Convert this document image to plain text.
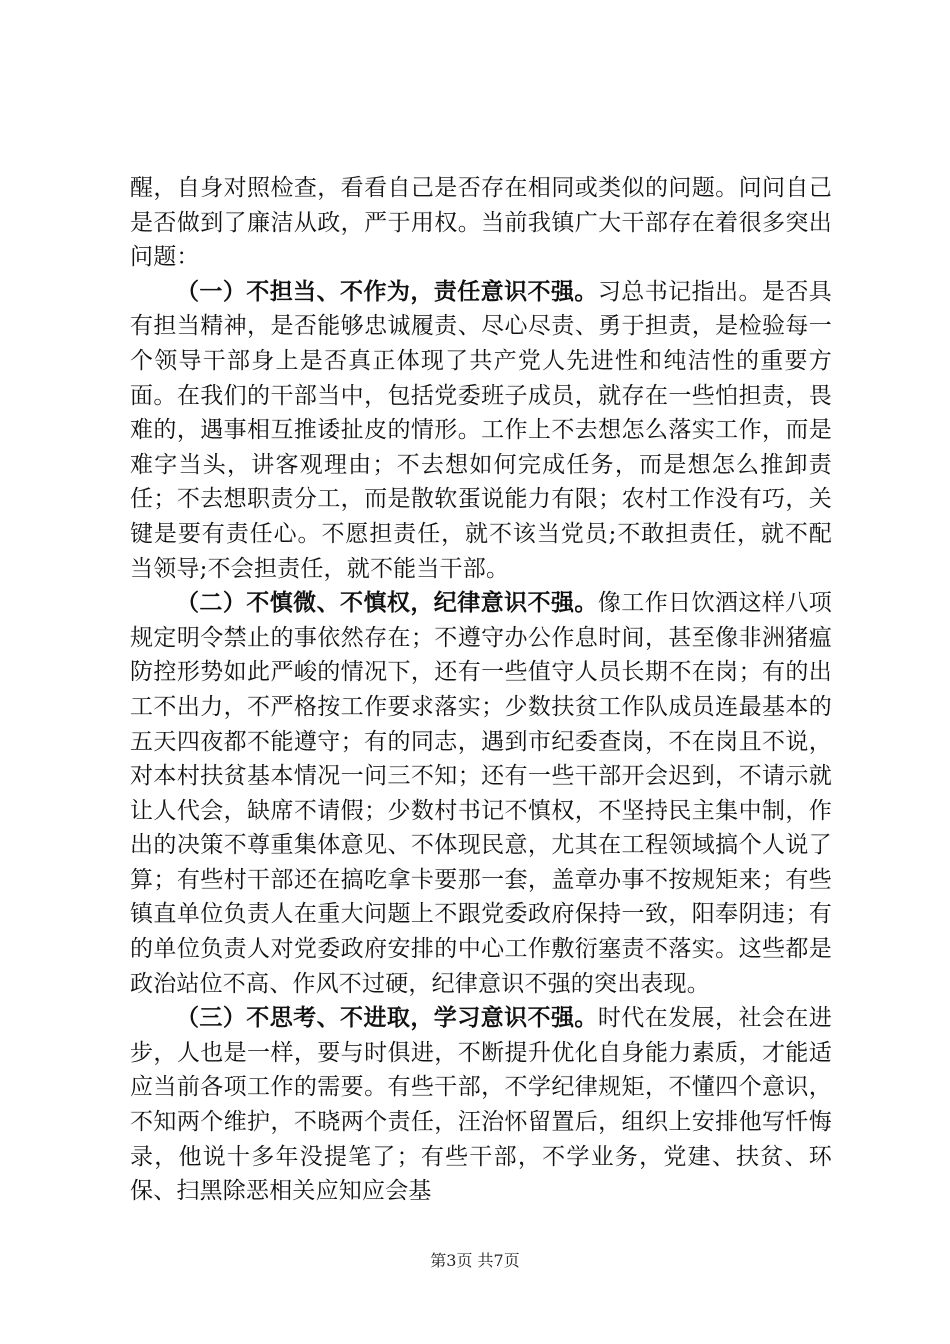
醒，自身对照检查，看看自己是否存在相同或类似的问题。问问自己是否做到了廉洁从政，严于用权。当前我镇广大干部存在着很多突出问题：

（一）不担当、不作为，责任意识不强。习总书记指出。是否具有担当精神，是否能够忠诚履责、尽心尽责、勇于担责，是检验每一个领导干部身上是否真正体现了共产党人先进性和纯洁性的重要方面。在我们的干部当中，包括党委班子成员，就存在一些怕担责，畏难的，遇事相互推诿扯皮的情形。工作上不去想怎么落实工作，而是难字当头，讲客观理由；不去想如何完成任务，而是想怎么推卸责任；不去想职责分工，而是散软蛋说能力有限；农村工作没有巧，关键是要有责任心。不愿担责任，就不该当党员;不敢担责任，就不配当领导;不会担责任，就不能当干部。

（二）不慎微、不慎权，纪律意识不强。像工作日饮酒这样八项规定明令禁止的事依然存在；不遵守办公作息时间，甚至像非洲猪瘟防控形势如此严峻的情况下，还有一些值守人员长期不在岗；有的出工不出力，不严格按工作要求落实；少数扶贫工作队成员连最基本的五天四夜都不能遵守；有的同志，遇到市纪委查岗，不在岗且不说，对本村扶贫基本情况一问三不知；还有一些干部开会迟到，不请示就让人代会，缺席不请假；少数村书记不慎权，不坚持民主集中制，作出的决策不尊重集体意见、不体现民意，尤其在工程领域搞个人说了算；有些村干部还在搞吃拿卡要那一套，盖章办事不按规矩来；有些镇直单位负责人在重大问题上不跟党委政府保持一致，阳奉阴违；有的单位负责人对党委政府安排的中心工作敷衍塞责不落实。这些都是政治站位不高、作风不过硬，纪律意识不强的突出表现。

（三）不思考、不进取，学习意识不强。时代在发展，社会在进步，人也是一样，要与时俱进，不断提升优化自身能力素质，才能适应当前各项工作的需要。有些干部，不学纪律规矩，不懂四个意识，不知两个维护，不晓两个责任，汪治怀留置后，组织上安排他写忏悔录，他说十多年没提笔了；有些干部，不学业务，党建、扶贫、环保、扫黑除恶相关应知应会基

第3页 共7页
